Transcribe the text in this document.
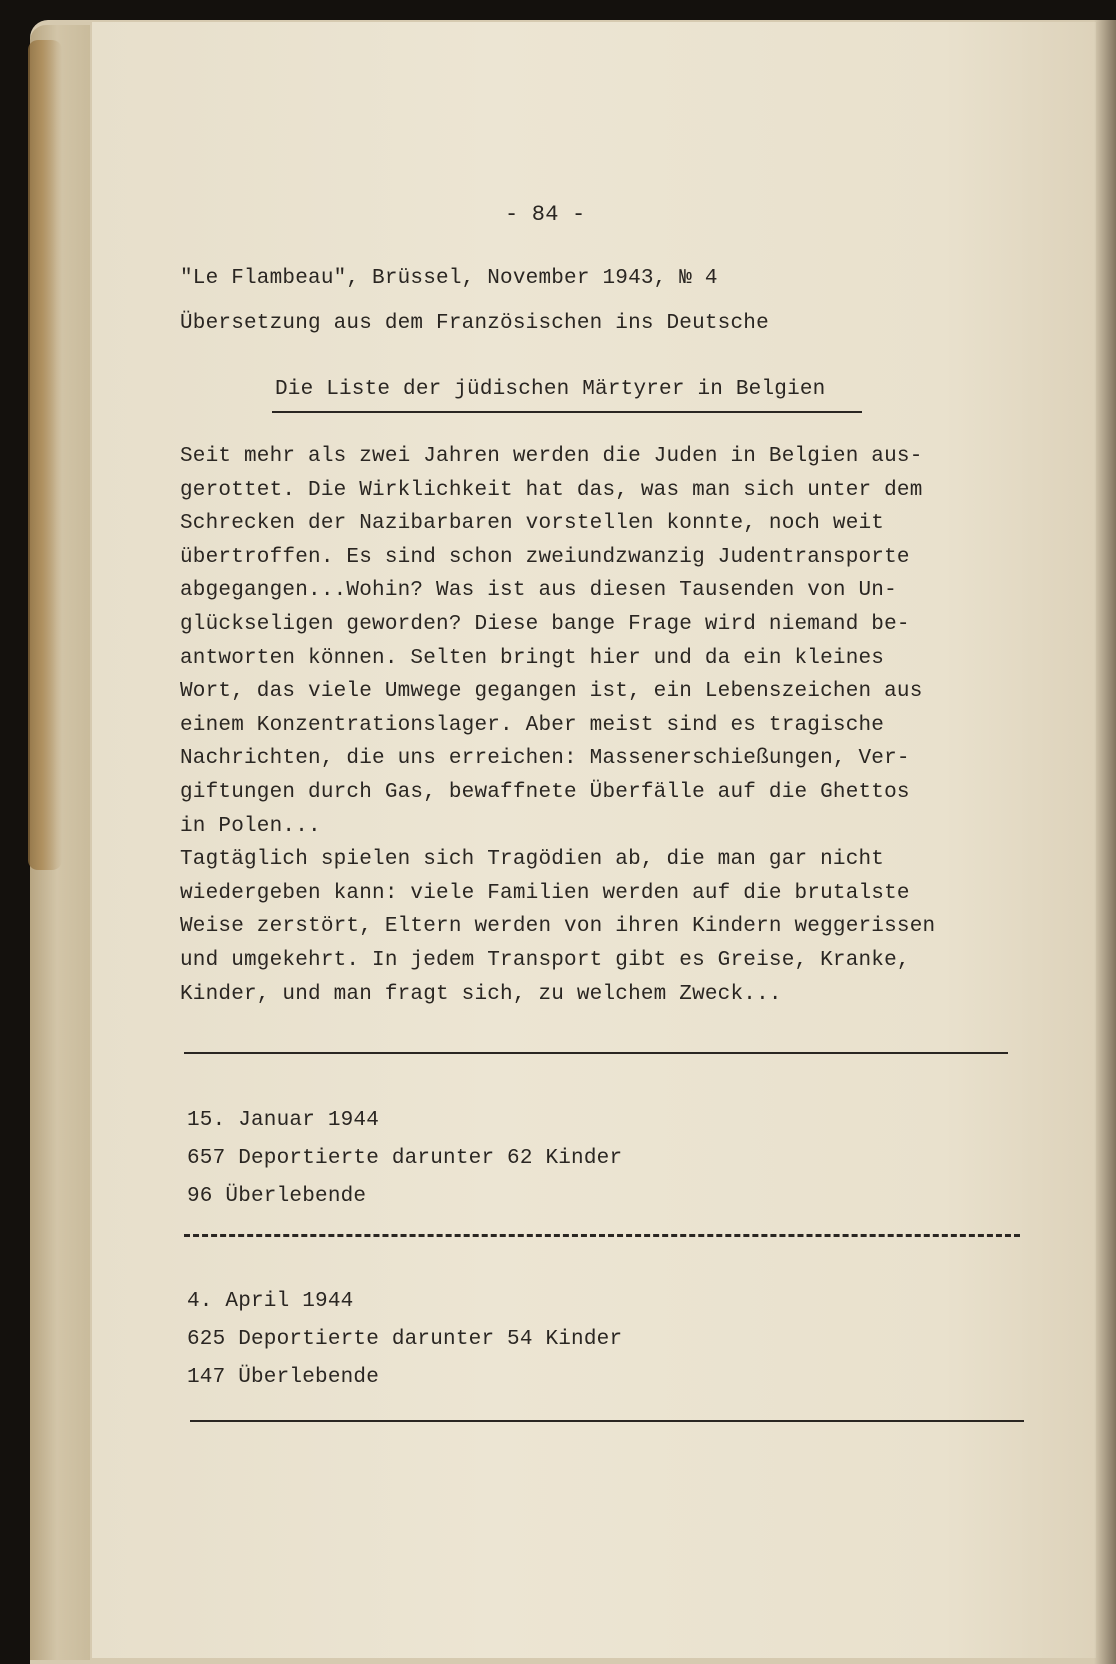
- 84 -
"Le Flambeau", Brüssel, November 1943, № 4
Übersetzung aus dem Französischen ins Deutsche
Die Liste der jüdischen Märtyrer in Belgien
Seit mehr als zwei Jahren werden die Juden in Belgien aus-
gerottet. Die Wirklichkeit hat das, was man sich unter dem
Schrecken der Nazibarbaren vorstellen konnte, noch weit
übertroffen. Es sind schon zweiundzwanzig Judentransporte
abgegangen...Wohin? Was ist aus diesen Tausenden von Un-
glückseligen geworden? Diese bange Frage wird niemand be-
antworten können. Selten bringt hier und da ein kleines
Wort, das viele Umwege gegangen ist, ein Lebenszeichen aus
einem Konzentrationslager. Aber meist sind es tragische
Nachrichten, die uns erreichen: Massenerschießungen, Ver-
giftungen durch Gas, bewaffnete Überfälle auf die Ghettos
in Polen...
Tagtäglich spielen sich Tragödien ab, die man gar nicht
wiedergeben kann: viele Familien werden auf die brutalste
Weise zerstört, Eltern werden von ihren Kindern weggerissen
und umgekehrt. In jedem Transport gibt es Greise, Kranke,
Kinder, und man fragt sich, zu welchem Zweck...
15. Januar 1944
657 Deportierte darunter 62 Kinder
96 Überlebende
4. April 1944
625 Deportierte darunter 54 Kinder
147 Überlebende
